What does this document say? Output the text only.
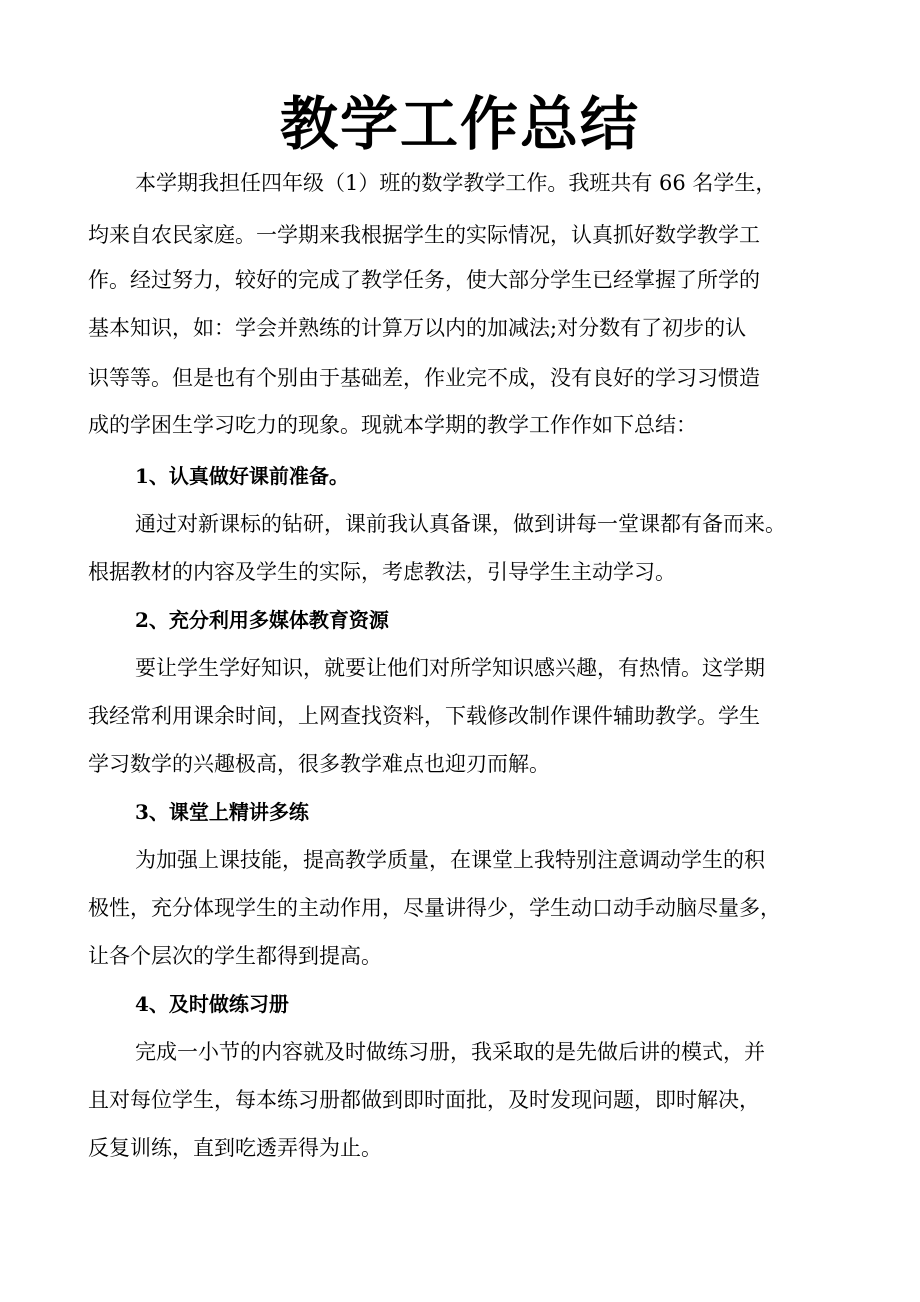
教学工作总结
本学期我担任四年级（1）班的数学教学工作。我班共有 66 名学生，
均来自农民家庭。一学期来我根据学生的实际情况，认真抓好数学教学工
作。经过努力，较好的完成了教学任务，使大部分学生已经掌握了所学的
基本知识，如：学会并熟练的计算万以内的加减法;对分数有了初步的认
识等等。但是也有个别由于基础差，作业完不成，没有良好的学习习惯造
成的学困生学习吃力的现象。现就本学期的教学工作作如下总结：
1、认真做好课前准备。
通过对新课标的钻研，课前我认真备课，做到讲每一堂课都有备而来。
根据教材的内容及学生的实际，考虑教法，引导学生主动学习。
2、充分利用多媒体教育资源
要让学生学好知识，就要让他们对所学知识感兴趣，有热情。这学期
我经常利用课余时间，上网查找资料，下载修改制作课件辅助教学。学生
学习数学的兴趣极高，很多教学难点也迎刃而解。
3、课堂上精讲多练
为加强上课技能，提高教学质量，在课堂上我特别注意调动学生的积
极性，充分体现学生的主动作用，尽量讲得少，学生动口动手动脑尽量多，
让各个层次的学生都得到提高。
4、及时做练习册
完成一小节的内容就及时做练习册，我采取的是先做后讲的模式，并
且对每位学生，每本练习册都做到即时面批，及时发现问题，即时解决，
反复训练，直到吃透弄得为止。
